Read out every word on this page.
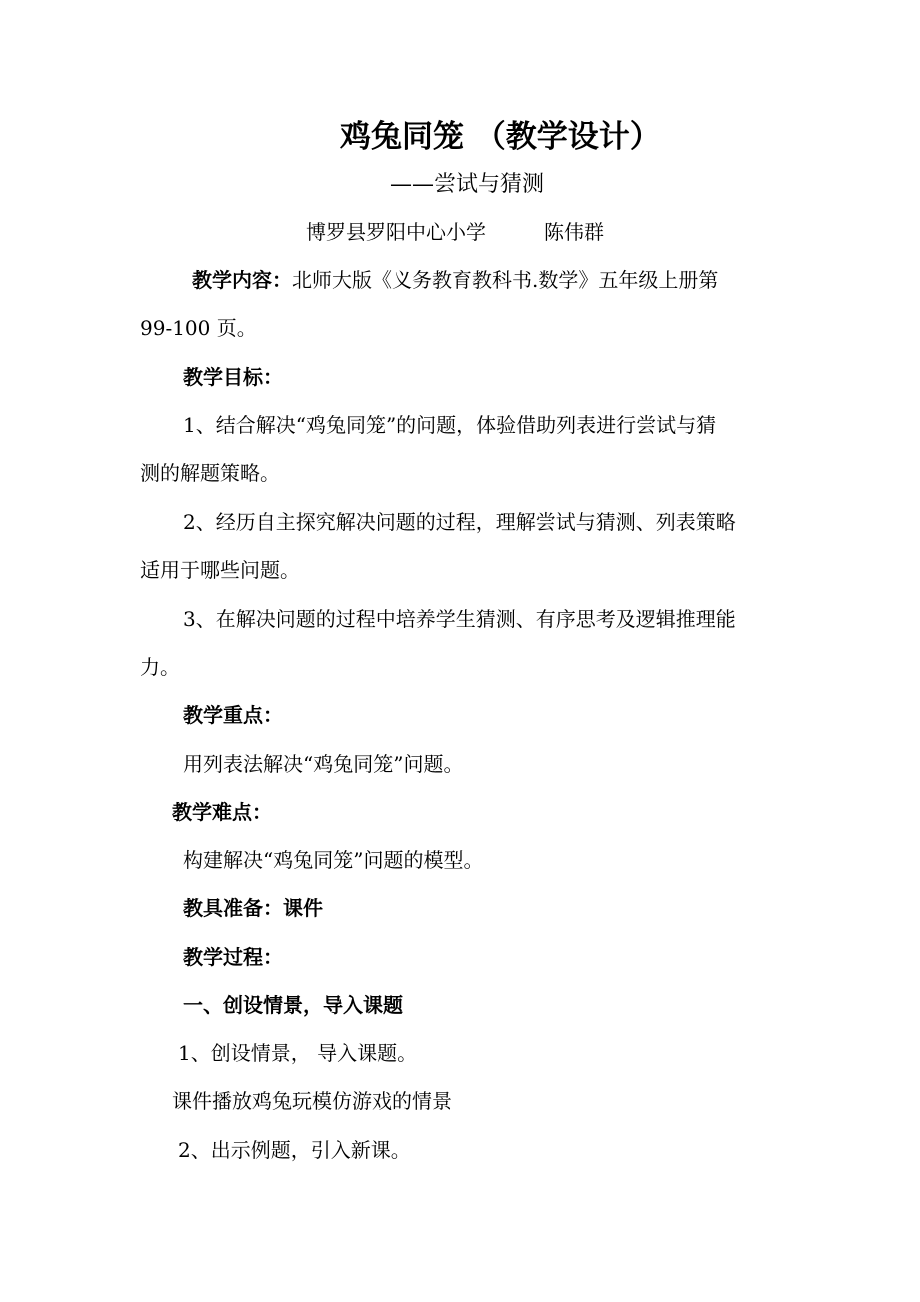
鸡兔同笼 （教学设计）
——尝试与猜测
博罗县罗阳中心小学	陈伟群
教学内容：北师大版《义务教育教科书.数学》五年级上册第
99-100 页。
教学目标：
1、结合解决“鸡兔同笼”的问题，体验借助列表进行尝试与猜
测的解题策略。
2、经历自主探究解决问题的过程，理解尝试与猜测、列表策略
适用于哪些问题。
3、在解决问题的过程中培养学生猜测、有序思考及逻辑推理能
力。
教学重点：
用列表法解决“鸡兔同笼”问题。
教学难点：
构建解决“鸡兔同笼”问题的模型。
教具准备：课件
教学过程：
一、创设情景，导入课题
1、创设情景， 导入课题。
课件播放鸡兔玩模仿游戏的情景
2、出示例题，引入新课。
